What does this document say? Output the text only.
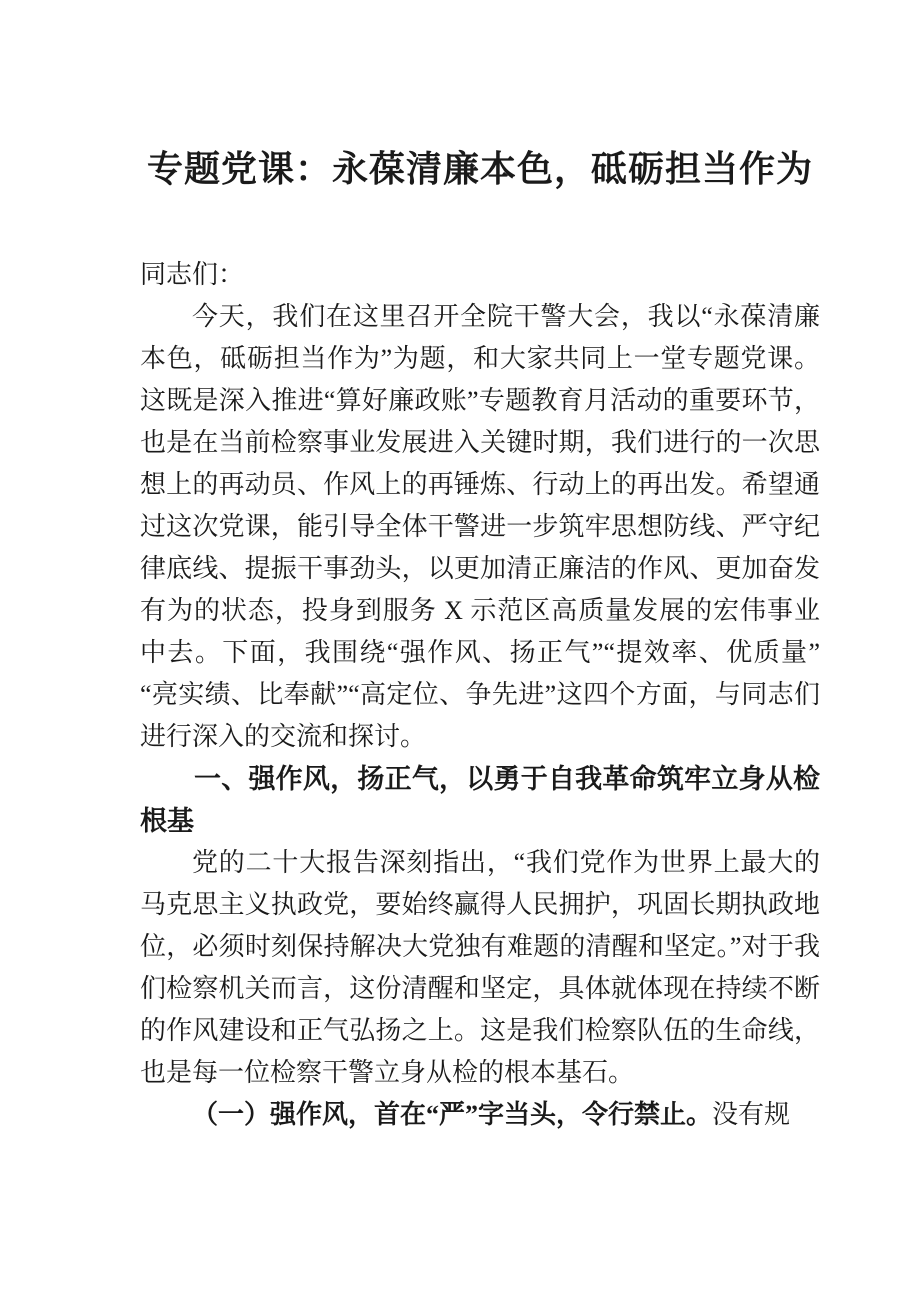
专题党课：永葆清廉本色，砥砺担当作为

同志们：

今天，我们在这里召开全院干警大会，我以“永葆清廉本色，砥砺担当作为”为题，和大家共同上一堂专题党课。这既是深入推进“算好廉政账”专题教育月活动的重要环节，也是在当前检察事业发展进入关键时期，我们进行的一次思想上的再动员、作风上的再锤炼、行动上的再出发。希望通过这次党课，能引导全体干警进一步筑牢思想防线、严守纪律底线、提振干事劲头，以更加清正廉洁的作风、更加奋发有为的状态，投身到服务 X 示范区高质量发展的宏伟事业中去。下面，我围绕“强作风、扬正气”“提效率、优质量”“亮实绩、比奉献”“高定位、争先进”这四个方面，与同志们进行深入的交流和探讨。

一、强作风，扬正气，以勇于自我革命筑牢立身从检根基

党的二十大报告深刻指出，“我们党作为世界上最大的马克思主义执政党，要始终赢得人民拥护，巩固长期执政地位，必须时刻保持解决大党独有难题的清醒和坚定。”对于我们检察机关而言，这份清醒和坚定，具体就体现在持续不断的作风建设和正气弘扬之上。这是我们检察队伍的生命线，也是每一位检察干警立身从检的根本基石。

（一）强作风，首在“严”字当头，令行禁止。没有规
